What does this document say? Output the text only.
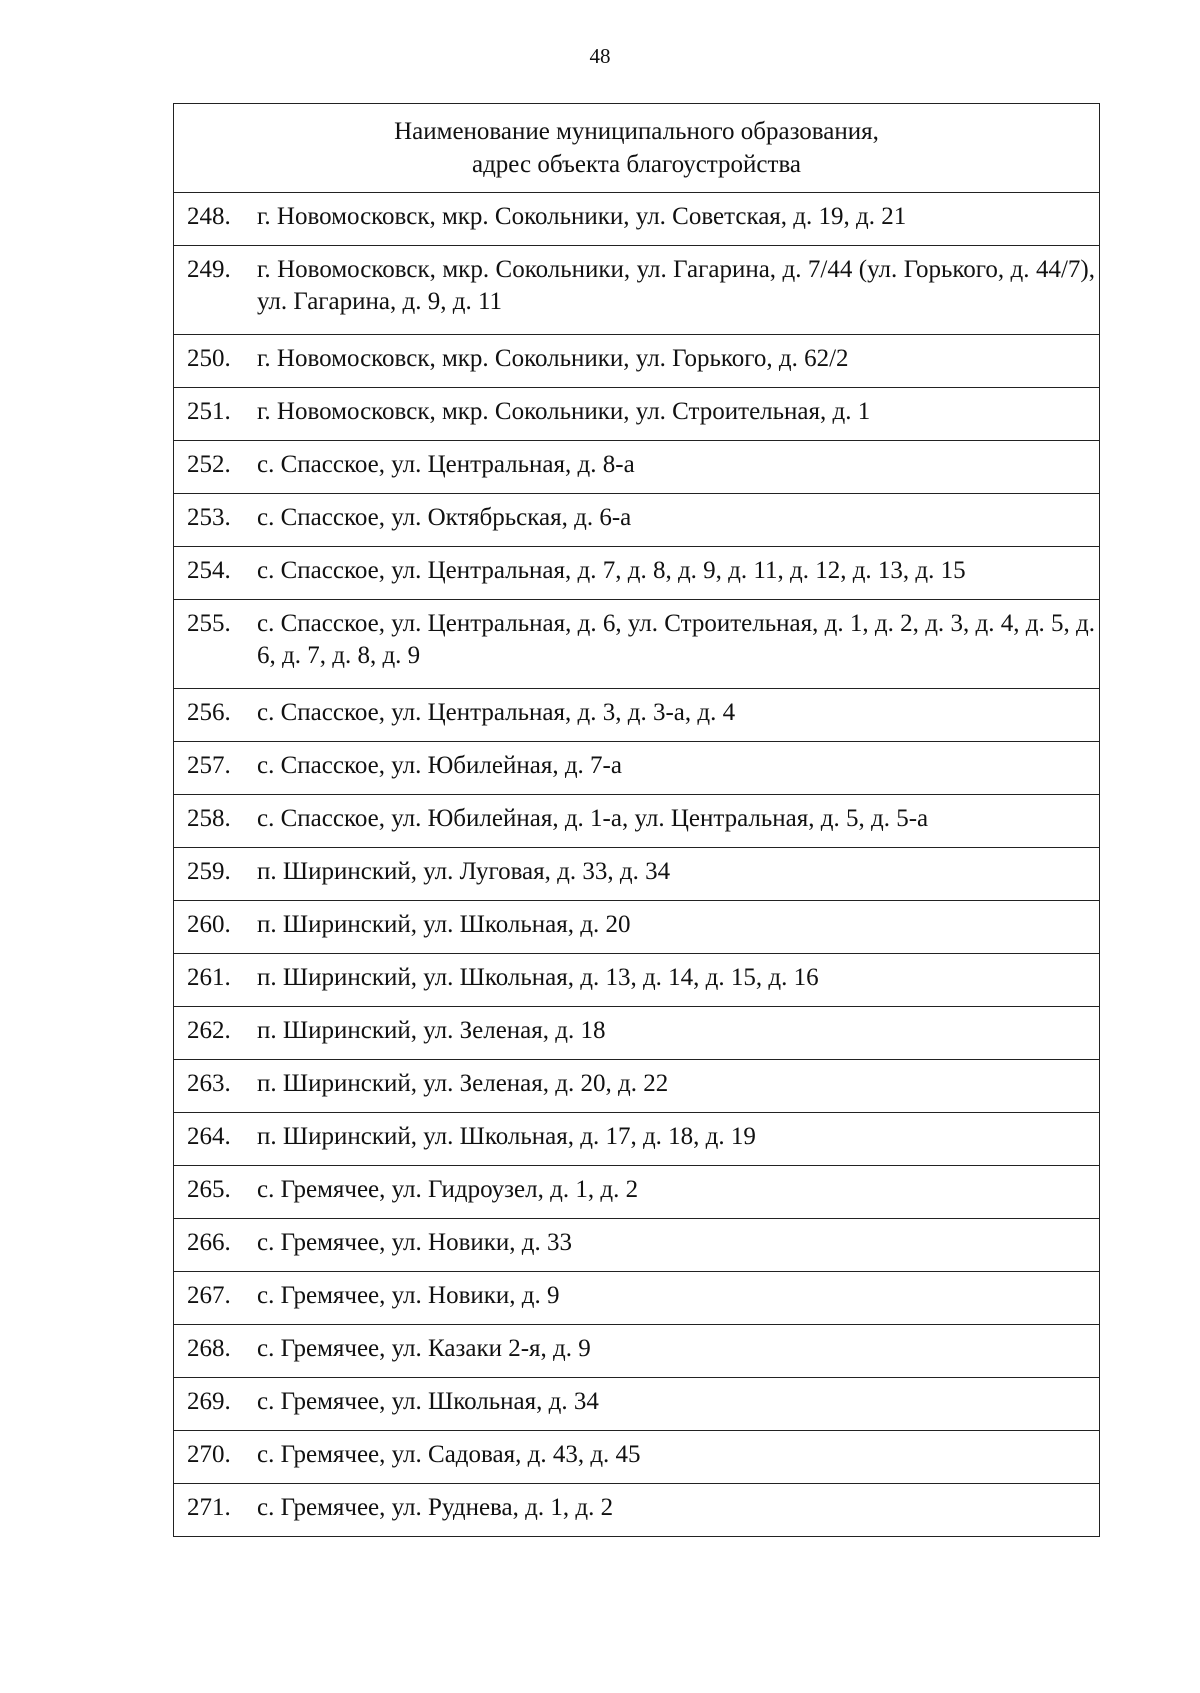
48
Наименование муниципального образования,
адрес объекта благоустройства

248.	г. Новомосковск, мкр. Сокольники, ул. Советская, д. 19, д. 21

249.	г. Новомосковск, мкр. Сокольники, ул. Гагарина, д. 7/44 (ул. Горького, д. 44/7), ул. Гагарина, д. 9, д. 11

250.	г. Новомосковск, мкр. Сокольники, ул. Горького, д. 62/2

251.	г. Новомосковск, мкр. Сокольники, ул. Строительная, д. 1

252.	с. Спасское, ул. Центральная, д. 8-а

253.	с. Спасское, ул. Октябрьская, д. 6-а

254.	с. Спасское, ул. Центральная, д. 7, д. 8, д. 9, д. 11, д. 12, д. 13, д. 15

255.	с. Спасское, ул. Центральная, д. 6, ул. Строительная, д. 1, д. 2, д. 3, д. 4, д. 5, д. 6, д. 7, д. 8, д. 9

256.	с. Спасское, ул. Центральная, д. 3, д. 3-а, д. 4

257.	с. Спасское, ул. Юбилейная, д. 7-а

258.	с. Спасское, ул. Юбилейная, д. 1-а, ул. Центральная, д. 5, д. 5-а

259.	п. Ширинский, ул. Луговая, д. 33, д. 34

260.	п. Ширинский, ул. Школьная, д. 20

261.	п. Ширинский, ул. Школьная, д. 13, д. 14, д. 15, д. 16

262.	п. Ширинский, ул. Зеленая, д. 18

263.	п. Ширинский, ул. Зеленая, д. 20, д. 22

264.	п. Ширинский, ул. Школьная, д. 17, д. 18, д. 19

265.	с. Гремячее, ул. Гидроузел, д. 1, д. 2

266.	с. Гремячее, ул. Новики, д. 33

267.	с. Гремячее, ул. Новики, д. 9

268.	с. Гремячее, ул. Казаки 2-я, д. 9

269.	с. Гремячее, ул. Школьная, д. 34

270.	с. Гремячее, ул. Садовая, д. 43, д. 45

271.	с. Гремячее, ул. Руднева, д. 1, д. 2
